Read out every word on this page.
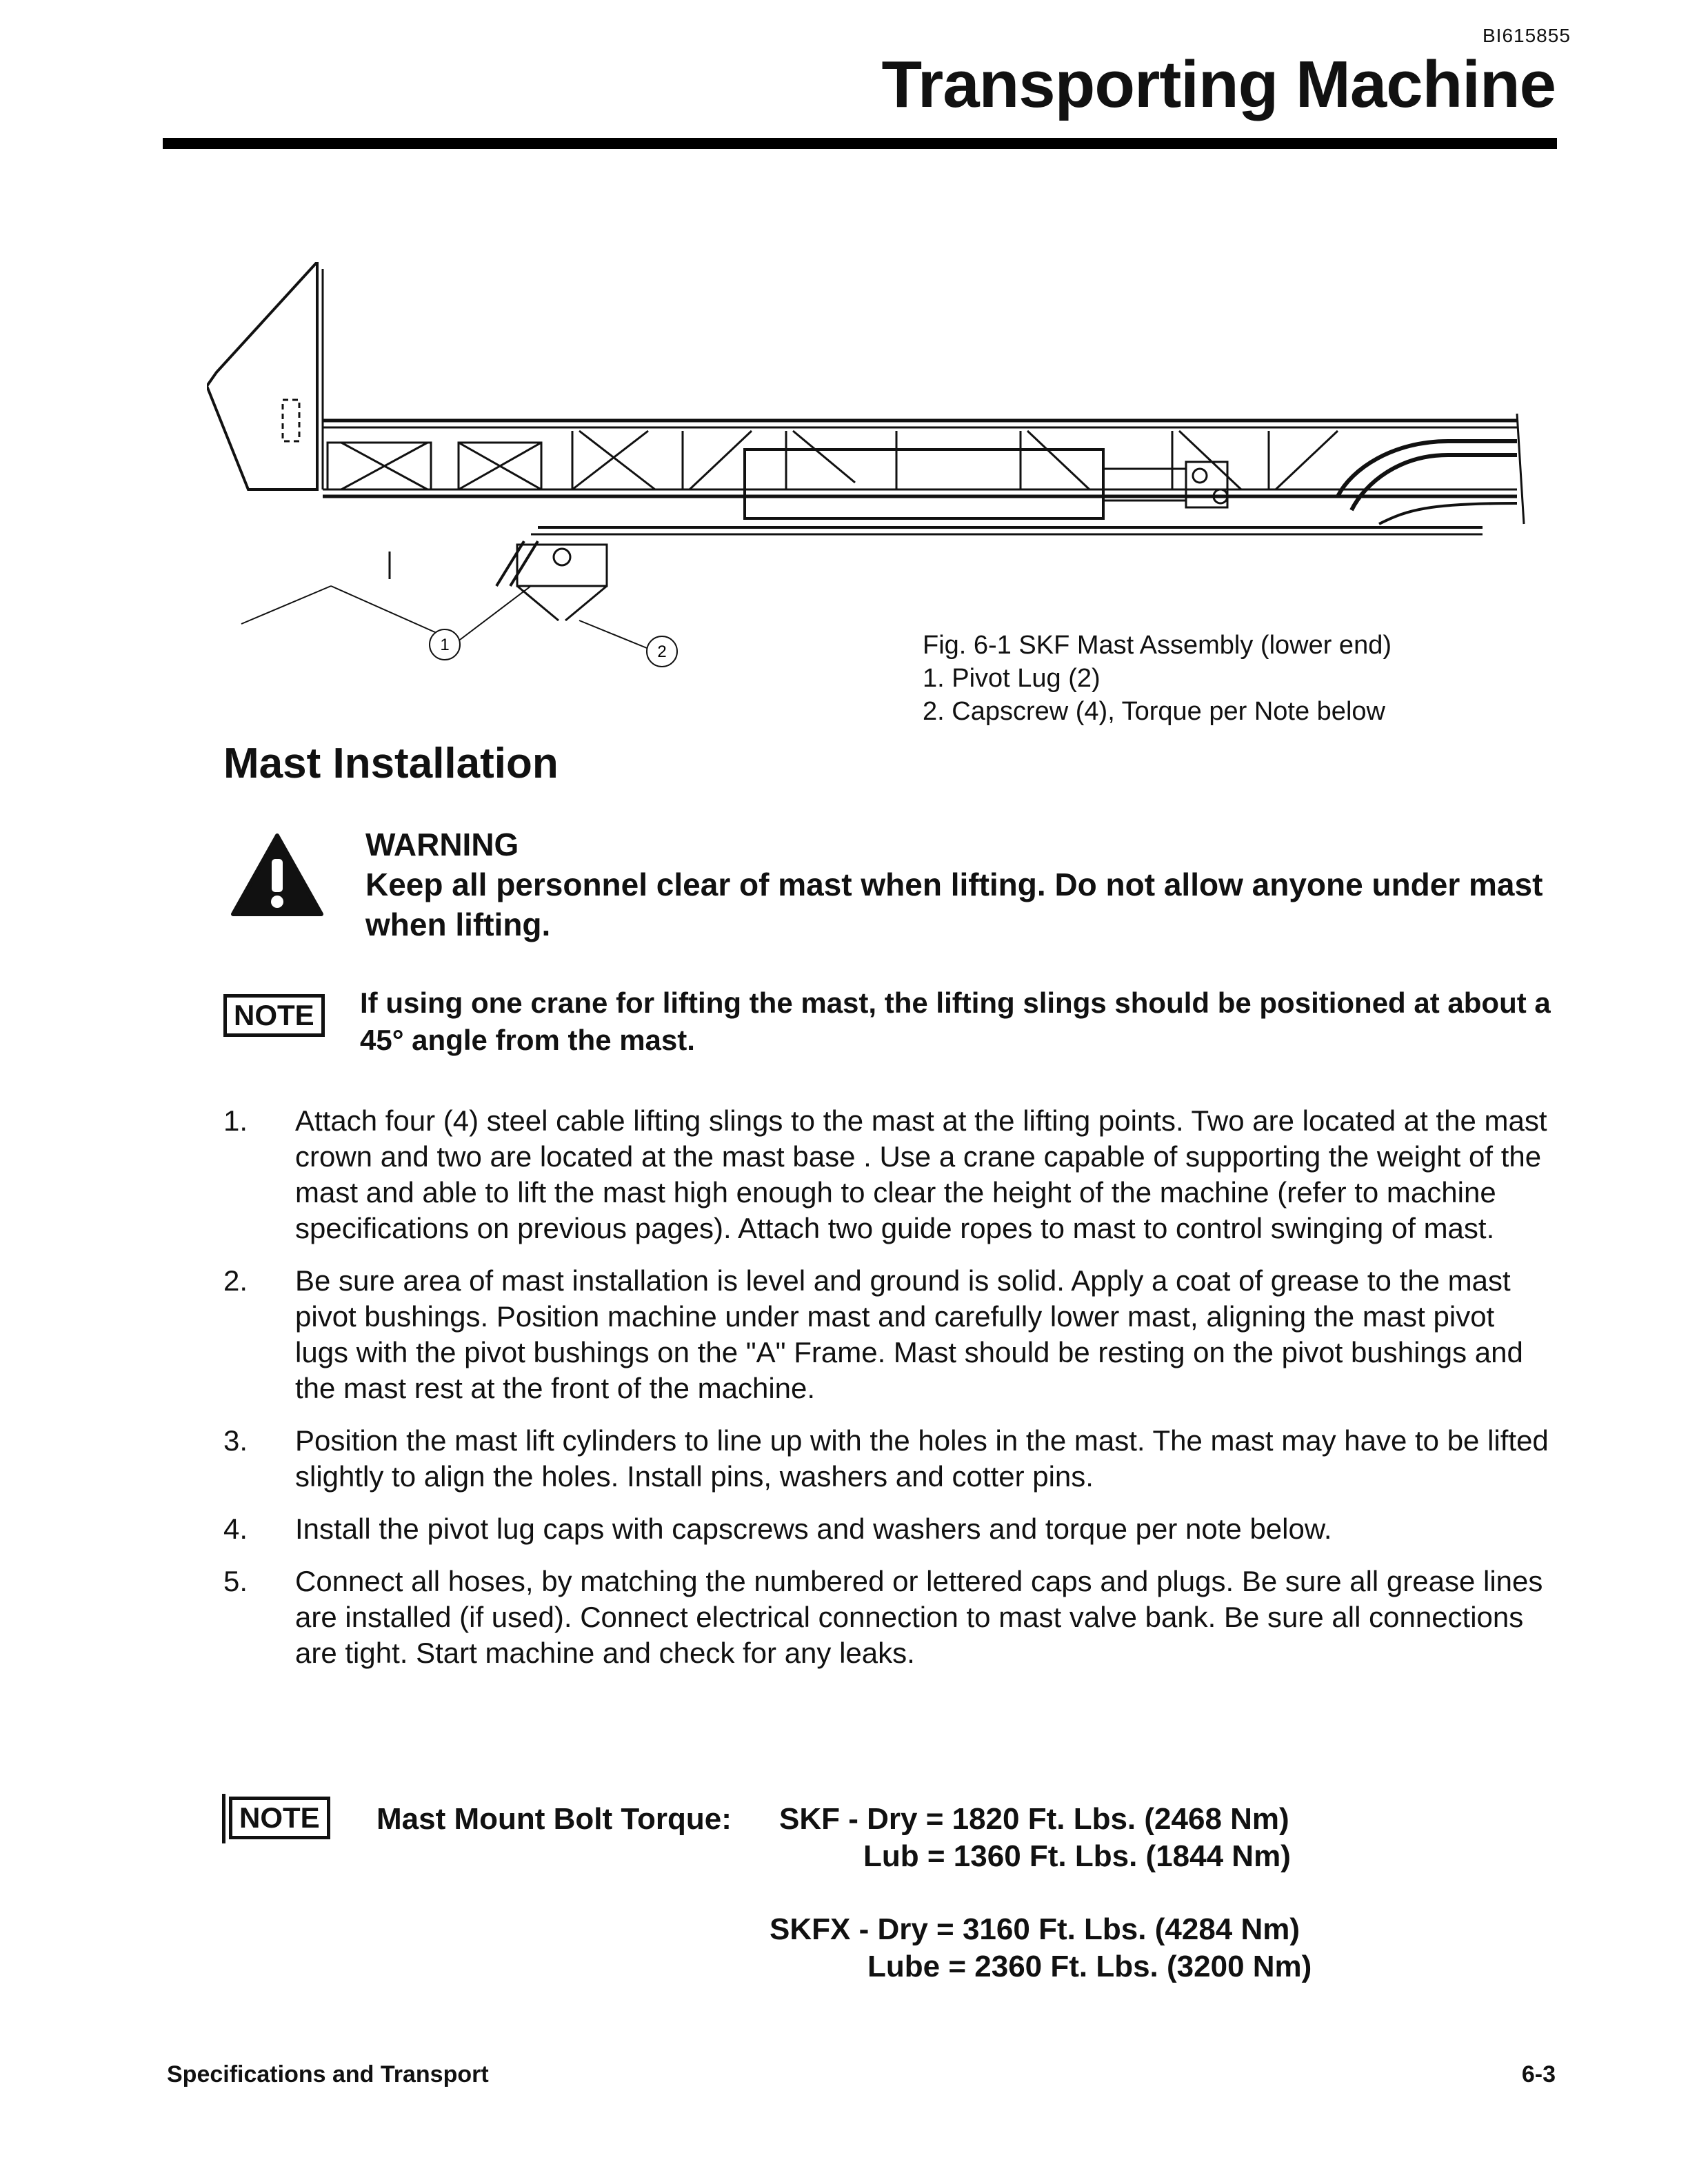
BI615855
Transporting Machine
1	2	Fig. 6-1 SKF Mast Assembly (lower end)
1. Pivot Lug (2)
2. Capscrew (4), Torque per Note below
Mast Installation
WARNING
Keep all personnel clear of mast when lifting. Do not allow anyone under mast when lifting.
NOTE	If using one crane for lifting the mast, the lifting slings should be positioned at about a 45° angle from the mast.
1.	Attach four (4) steel cable lifting slings to the mast at the lifting points. Two are located at the mast crown and two are located at the mast base . Use a crane capable of supporting the weight of the mast and able to lift the mast high enough to clear the height of the machine (refer to machine specifications on previous pages). Attach two guide ropes to mast to control swinging of mast.
2.	Be sure area of mast installation is level and ground is solid. Apply a coat of grease to the mast pivot bushings. Position machine under mast and carefully lower mast, aligning the mast pivot lugs with the pivot bushings on the "A" Frame. Mast should be resting on the pivot bushings and the mast rest at the front of the machine.
3.	Position the mast lift cylinders to line up with the holes in the mast. The mast may have to be lifted slightly to align the holes. Install pins, washers and cotter pins.
4.	Install the pivot lug caps with capscrews and washers and torque per note below.
5.	Connect all hoses, by matching the numbered or lettered caps and plugs. Be sure all grease lines are installed (if used). Connect electrical connection to mast valve bank. Be sure all connections are tight. Start machine and check for any leaks.
NOTE	Mast Mount Bolt Torque: SKF - Dry = 1820 Ft. Lbs. (2468 Nm)
Lub = 1360 Ft. Lbs. (1844 Nm)
SKFX - Dry = 3160 Ft. Lbs. (4284 Nm)
Lube = 2360 Ft. Lbs. (3200 Nm)
Specifications and Transport	6-3
